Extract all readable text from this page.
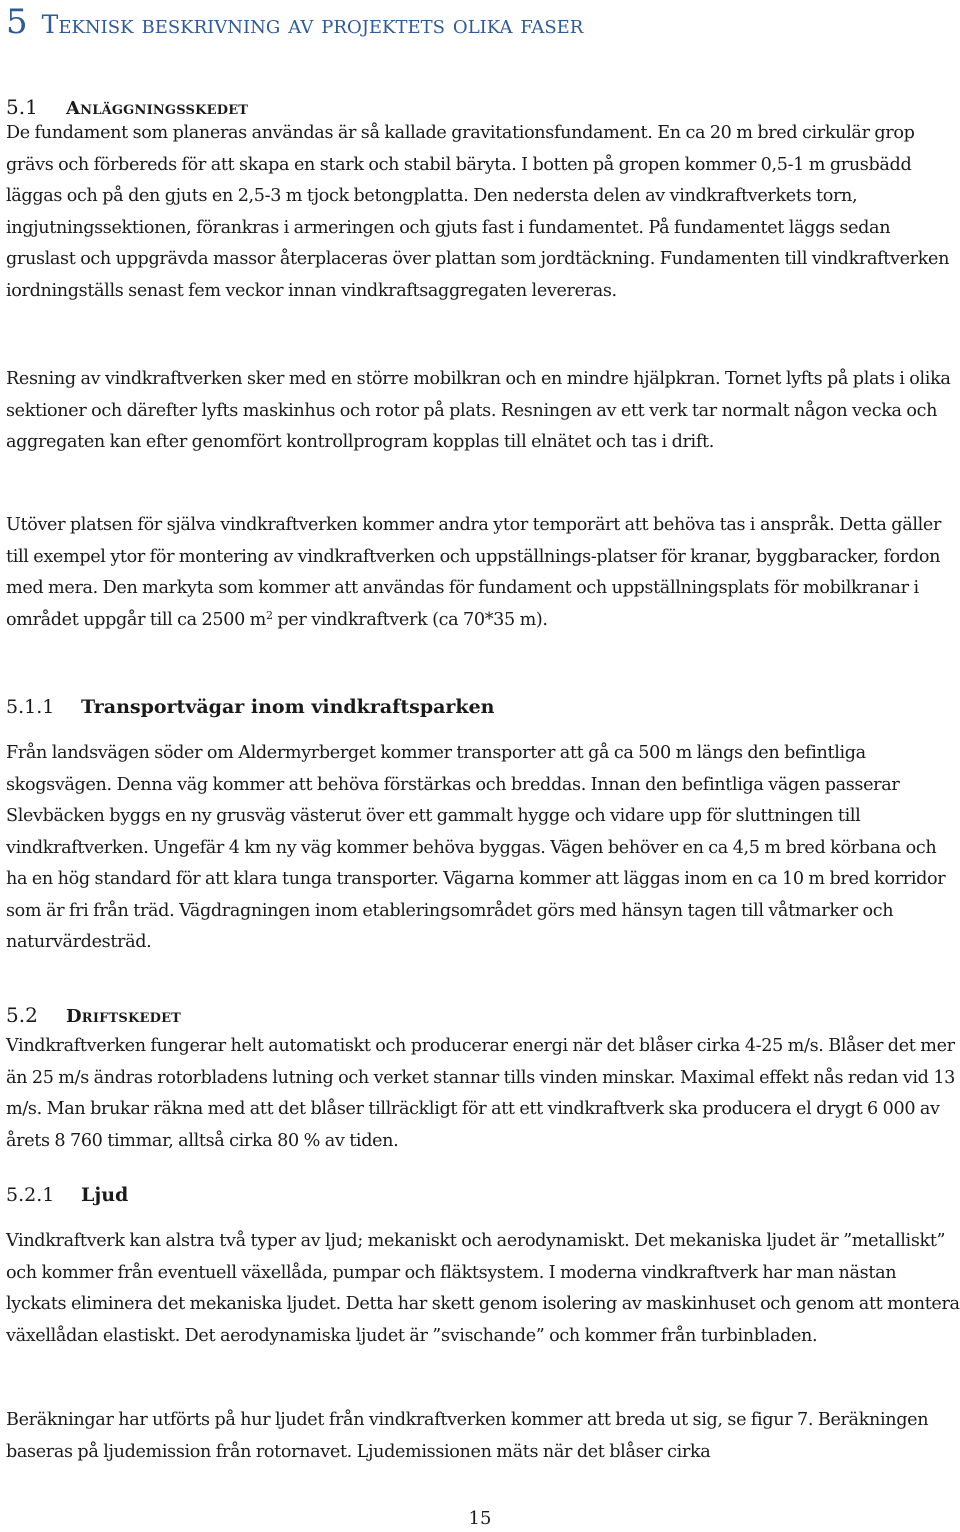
5 Teknisk beskrivning av projektets olika faser
5.1 Anläggningsskedet

De fundament som planeras användas är så kallade gravitationsfundament. En ca 20 m bred cirkulär grop grävs och förbereds för att skapa en stark och stabil bäryta. I botten på gropen kommer 0,5-1 m grusbädd läggas och på den gjuts en 2,5-3 m tjock betongplatta. Den nedersta delen av vindkraftverkets torn, ingjutningssektionen, förankras i armeringen och gjuts fast i fundamentet. På fundamentet läggs sedan gruslast och uppgrävda massor återplaceras över plattan som jordtäckning. Fundamenten till vindkraftverken iordningställs senast fem veckor innan vindkraftsaggregaten levereras.

Resning av vindkraftverken sker med en större mobilkran och en mindre hjälpkran. Tornet lyfts på plats i olika sektioner och därefter lyfts maskinhus och rotor på plats. Resningen av ett verk tar normalt någon vecka och aggregaten kan efter genomfört kontrollprogram kopplas till elnätet och tas i drift.

Utöver platsen för själva vindkraftverken kommer andra ytor temporärt att behöva tas i anspråk. Detta gäller till exempel ytor för montering av vindkraftverken och uppställnings-platser för kranar, byggbaracker, fordon med mera. Den markyta som kommer att användas för fundament och uppställningsplats för mobilkranar i området uppgår till ca 2500 $m^2$ per vindkraftverk (ca 70*35 m).

5.1.1 Transportvägar inom vindkraftsparken

Från landsvägen söder om Aldermyrberget kommer transporter att gå ca 500 m längs den befintliga skogsvägen. Denna väg kommer att behöva förstärkas och breddas. Innan den befintliga vägen passerar Slevbäcken byggs en ny grusväg västerut över ett gammalt hygge och vidare upp för sluttningen till vindkraftverken. Ungefär 4 km ny väg kommer behöva byggas. Vägen behöver en ca 4,5 m bred körbana och ha en hög standard för att klara tunga transporter. Vägarna kommer att läggas inom en ca 10 m bred korridor som är fri från träd. Vägdragningen inom etableringsområdet görs med hänsyn tagen till våtmarker och naturvärdesträd.

5.2 Driftskedet

Vindkraftverken fungerar helt automatiskt och producerar energi när det blåser cirka 4-25 m/s. Blåser det mer än 25 m/s ändras rotorbladens lutning och verket stannar tills vinden minskar. Maximal effekt nås redan vid 13 m/s. Man brukar räkna med att det blåser tillräckligt för att ett vindkraftverk ska producera el drygt 6 000 av årets 8 760 timmar, alltså cirka 80 % av tiden.

5.2.1 Ljud

Vindkraftverk kan alstra två typer av ljud; mekaniskt och aerodynamiskt. Det mekaniska ljudet är ”metalliskt” och kommer från eventuell växellåda, pumpar och fläktsystem. I moderna vindkraftverk har man nästan lyckats eliminera det mekaniska ljudet. Detta har skett genom isolering av maskinhuset och genom att montera växellådan elastiskt. Det aerodynamiska ljudet är ”svischande” och kommer från turbinbladen.

Beräkningar har utförts på hur ljudet från vindkraftverken kommer att breda ut sig, se figur 7. Beräkningen baseras på ljudemission från rotornavet. Ljudemissionen mäts när det blåser cirka

15
